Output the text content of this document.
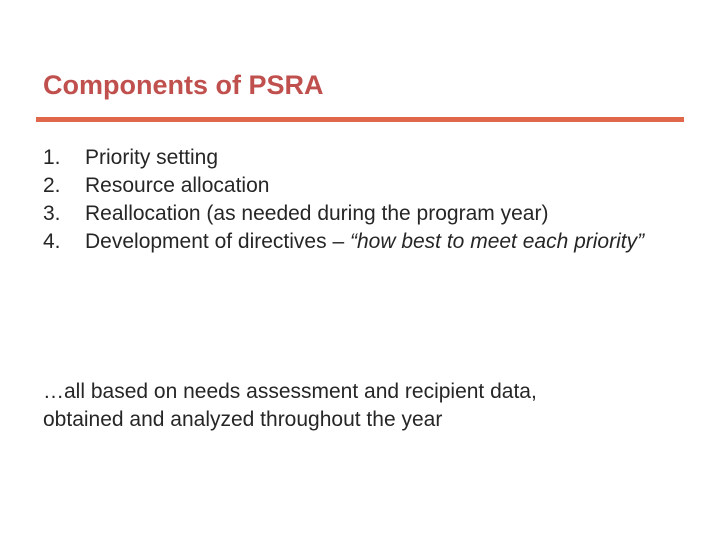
Components of PSRA
1.	Priority setting
2.	Resource allocation
3.	Reallocation (as needed during the program year)
4.	Development of directives – “how best to meet each priority”

…all based on needs assessment and recipient data,
obtained and analyzed throughout the year
